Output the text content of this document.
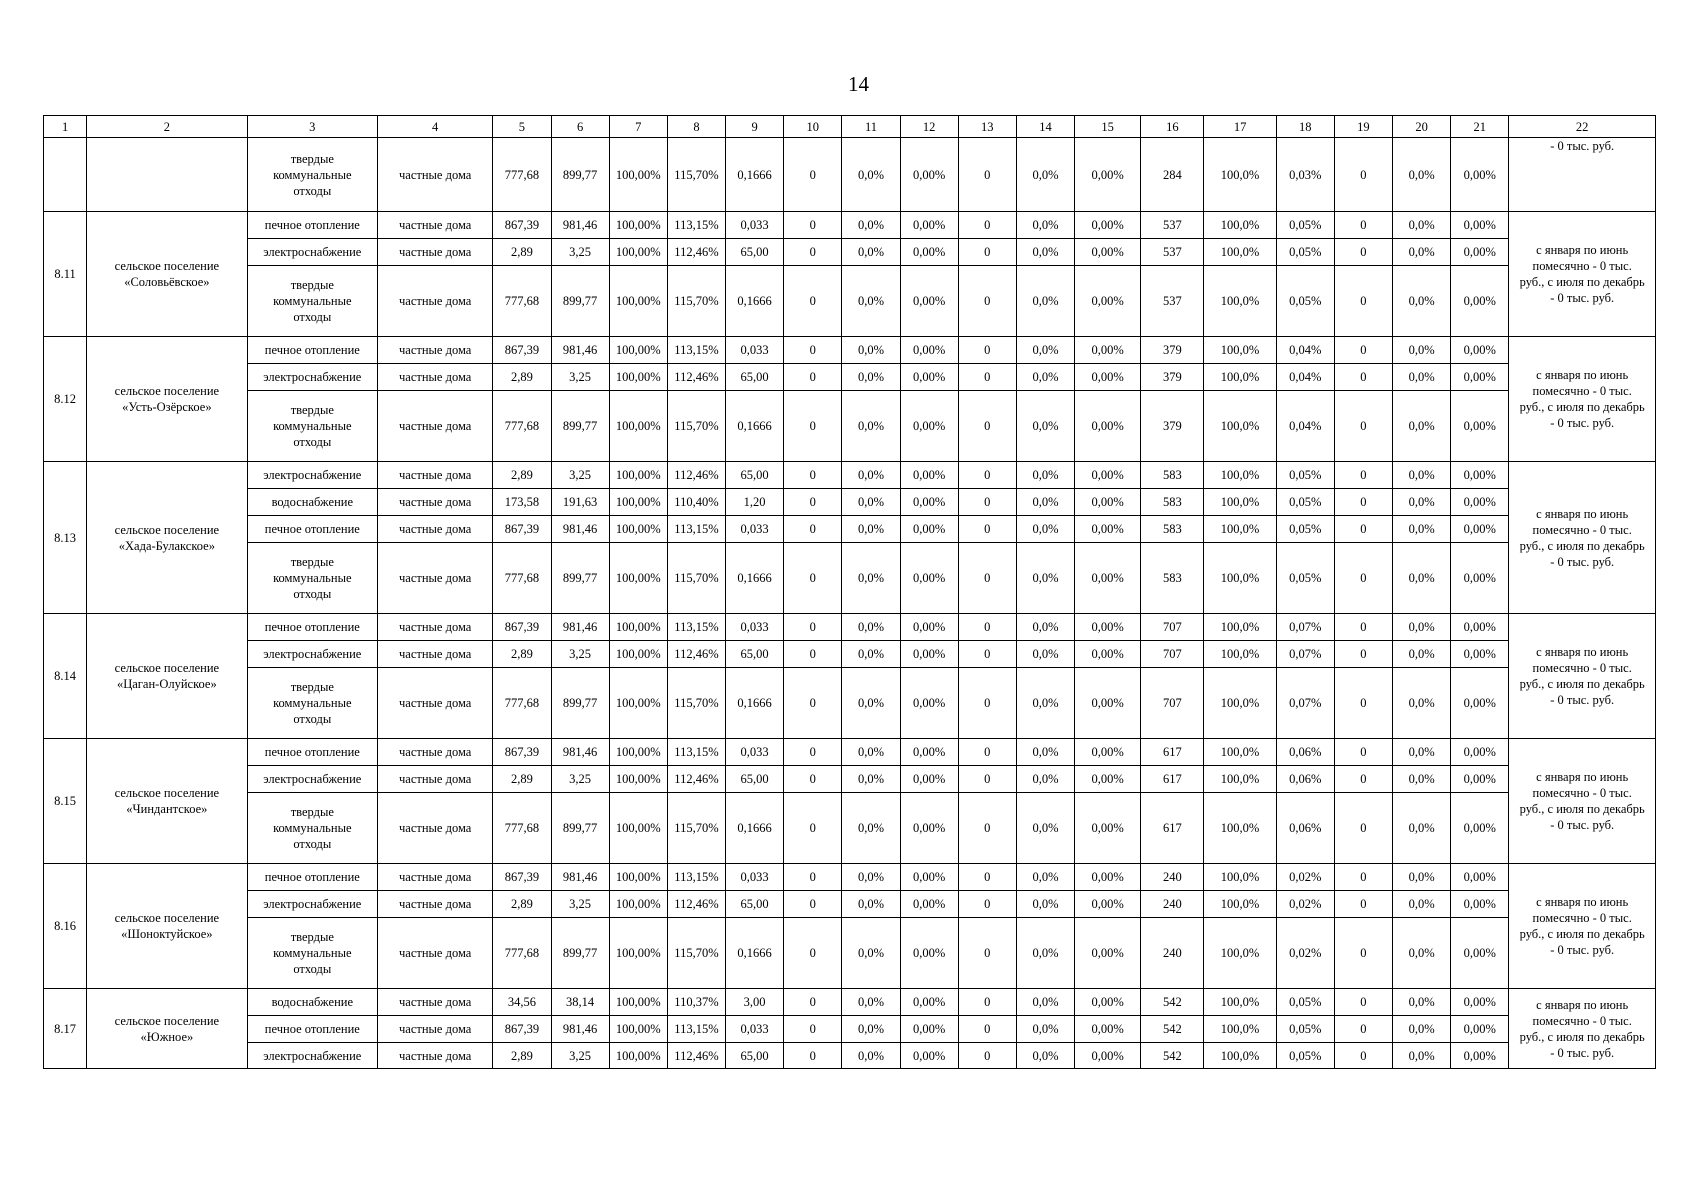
14
1	2	3	4	5	6	7	8	9	10	11	12	13	14	15	16	17	18	19	20	21	22
		твердые
коммунальные
отходы	частные дома	777,68	899,77	100,00%	115,70%	0,1666	0	0,0%	0,00%	0	0,0%	0,00%	284	100,0%	0,03%	0	0,0%	0,00%	- 0 тыс. руб.
8.11	сельское поселение
«Соловьёвское»	печное отопление	частные дома	867,39	981,46	100,00%	113,15%	0,033	0	0,0%	0,00%	0	0,0%	0,00%	537	100,0%	0,05%	0	0,0%	0,00%	с января по июнь
помесячно - 0 тыс.
руб., с июля по декабрь
- 0 тыс. руб.
		электроснабжение	частные дома	2,89	3,25	100,00%	112,46%	65,00	0	0,0%	0,00%	0	0,0%	0,00%	537	100,0%	0,05%	0	0,0%	0,00%	
		твердые
коммунальные
отходы	частные дома	777,68	899,77	100,00%	115,70%	0,1666	0	0,0%	0,00%	0	0,0%	0,00%	537	100,0%	0,05%	0	0,0%	0,00%	
8.12	сельское поселение
«Усть-Озёрское»	печное отопление	частные дома	867,39	981,46	100,00%	113,15%	0,033	0	0,0%	0,00%	0	0,0%	0,00%	379	100,0%	0,04%	0	0,0%	0,00%	с января по июнь
помесячно - 0 тыс.
руб., с июля по декабрь
- 0 тыс. руб.
		электроснабжение	частные дома	2,89	3,25	100,00%	112,46%	65,00	0	0,0%	0,00%	0	0,0%	0,00%	379	100,0%	0,04%	0	0,0%	0,00%	
		твердые
коммунальные
отходы	частные дома	777,68	899,77	100,00%	115,70%	0,1666	0	0,0%	0,00%	0	0,0%	0,00%	379	100,0%	0,04%	0	0,0%	0,00%	
8.13	сельское поселение
«Хада-Булакское»	электроснабжение	частные дома	2,89	3,25	100,00%	112,46%	65,00	0	0,0%	0,00%	0	0,0%	0,00%	583	100,0%	0,05%	0	0,0%	0,00%	с января по июнь
помесячно - 0 тыс.
руб., с июля по декабрь
- 0 тыс. руб.
		водоснабжение	частные дома	173,58	191,63	100,00%	110,40%	1,20	0	0,0%	0,00%	0	0,0%	0,00%	583	100,0%	0,05%	0	0,0%	0,00%	
		печное отопление	частные дома	867,39	981,46	100,00%	113,15%	0,033	0	0,0%	0,00%	0	0,0%	0,00%	583	100,0%	0,05%	0	0,0%	0,00%	
		твердые
коммунальные
отходы	частные дома	777,68	899,77	100,00%	115,70%	0,1666	0	0,0%	0,00%	0	0,0%	0,00%	583	100,0%	0,05%	0	0,0%	0,00%	
8.14	сельское поселение
«Цаган-Олуйское»	печное отопление	частные дома	867,39	981,46	100,00%	113,15%	0,033	0	0,0%	0,00%	0	0,0%	0,00%	707	100,0%	0,07%	0	0,0%	0,00%	с января по июнь
помесячно - 0 тыс.
руб., с июля по декабрь
- 0 тыс. руб.
		электроснабжение	частные дома	2,89	3,25	100,00%	112,46%	65,00	0	0,0%	0,00%	0	0,0%	0,00%	707	100,0%	0,07%	0	0,0%	0,00%	
		твердые
коммунальные
отходы	частные дома	777,68	899,77	100,00%	115,70%	0,1666	0	0,0%	0,00%	0	0,0%	0,00%	707	100,0%	0,07%	0	0,0%	0,00%	
8.15	сельское поселение
«Чиндантское»	печное отопление	частные дома	867,39	981,46	100,00%	113,15%	0,033	0	0,0%	0,00%	0	0,0%	0,00%	617	100,0%	0,06%	0	0,0%	0,00%	с января по июнь
помесячно - 0 тыс.
руб., с июля по декабрь
- 0 тыс. руб.
		электроснабжение	частные дома	2,89	3,25	100,00%	112,46%	65,00	0	0,0%	0,00%	0	0,0%	0,00%	617	100,0%	0,06%	0	0,0%	0,00%	
		твердые
коммунальные
отходы	частные дома	777,68	899,77	100,00%	115,70%	0,1666	0	0,0%	0,00%	0	0,0%	0,00%	617	100,0%	0,06%	0	0,0%	0,00%	
8.16	сельское поселение
«Шоноктуйское»	печное отопление	частные дома	867,39	981,46	100,00%	113,15%	0,033	0	0,0%	0,00%	0	0,0%	0,00%	240	100,0%	0,02%	0	0,0%	0,00%	с января по июнь
помесячно - 0 тыс.
руб., с июля по декабрь
- 0 тыс. руб.
		электроснабжение	частные дома	2,89	3,25	100,00%	112,46%	65,00	0	0,0%	0,00%	0	0,0%	0,00%	240	100,0%	0,02%	0	0,0%	0,00%	
		твердые
коммунальные
отходы	частные дома	777,68	899,77	100,00%	115,70%	0,1666	0	0,0%	0,00%	0	0,0%	0,00%	240	100,0%	0,02%	0	0,0%	0,00%	
8.17	сельское поселение
«Южное»	водоснабжение	частные дома	34,56	38,14	100,00%	110,37%	3,00	0	0,0%	0,00%	0	0,0%	0,00%	542	100,0%	0,05%	0	0,0%	0,00%	с января по июнь
помесячно - 0 тыс.
руб., с июля по декабрь
- 0 тыс. руб.
		печное отопление	частные дома	867,39	981,46	100,00%	113,15%	0,033	0	0,0%	0,00%	0	0,0%	0,00%	542	100,0%	0,05%	0	0,0%	0,00%	
		электроснабжение	частные дома	2,89	3,25	100,00%	112,46%	65,00	0	0,0%	0,00%	0	0,0%	0,00%	542	100,0%	0,05%	0	0,0%	0,00%	
